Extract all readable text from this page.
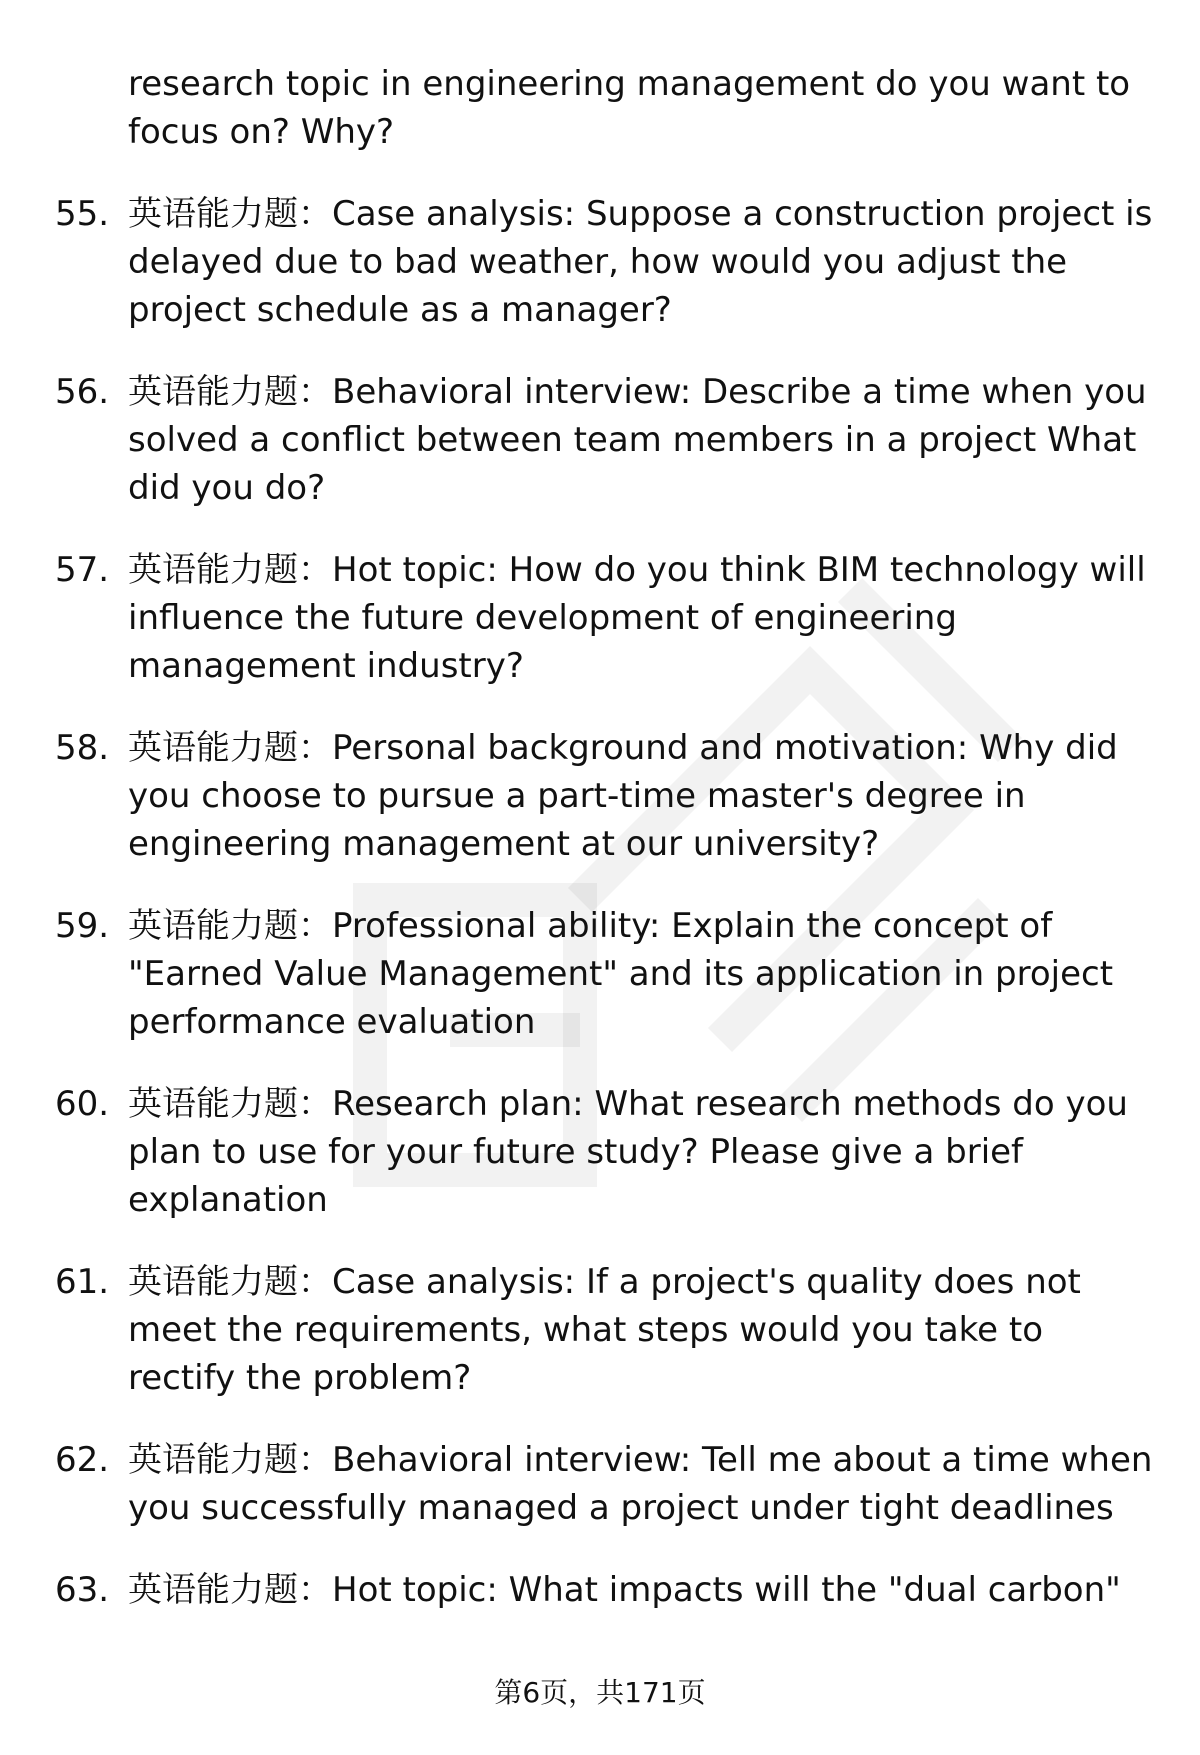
research topic in engineering management do you want to focus on? Why?
55. 英语能力题：Case analysis: Suppose a construction project is delayed due to bad weather, how would you adjust the project schedule as a manager?
56. 英语能力题：Behavioral interview: Describe a time when you solved a conflict between team members in a project What did you do?
57. 英语能力题：Hot topic: How do you think BIM technology will influence the future development of engineering management industry?
58. 英语能力题：Personal background and motivation: Why did you choose to pursue a part-time master's degree in engineering management at our university?
59. 英语能力题：Professional ability: Explain the concept of "Earned Value Management" and its application in project performance evaluation
60. 英语能力题：Research plan: What research methods do you plan to use for your future study? Please give a brief explanation
61. 英语能力题：Case analysis: If a project's quality does not meet the requirements, what steps would you take to rectify the problem?
62. 英语能力题：Behavioral interview: Tell me about a time when you successfully managed a project under tight deadlines
63. 英语能力题：Hot topic: What impacts will the "dual carbon"
第6页，共171页
